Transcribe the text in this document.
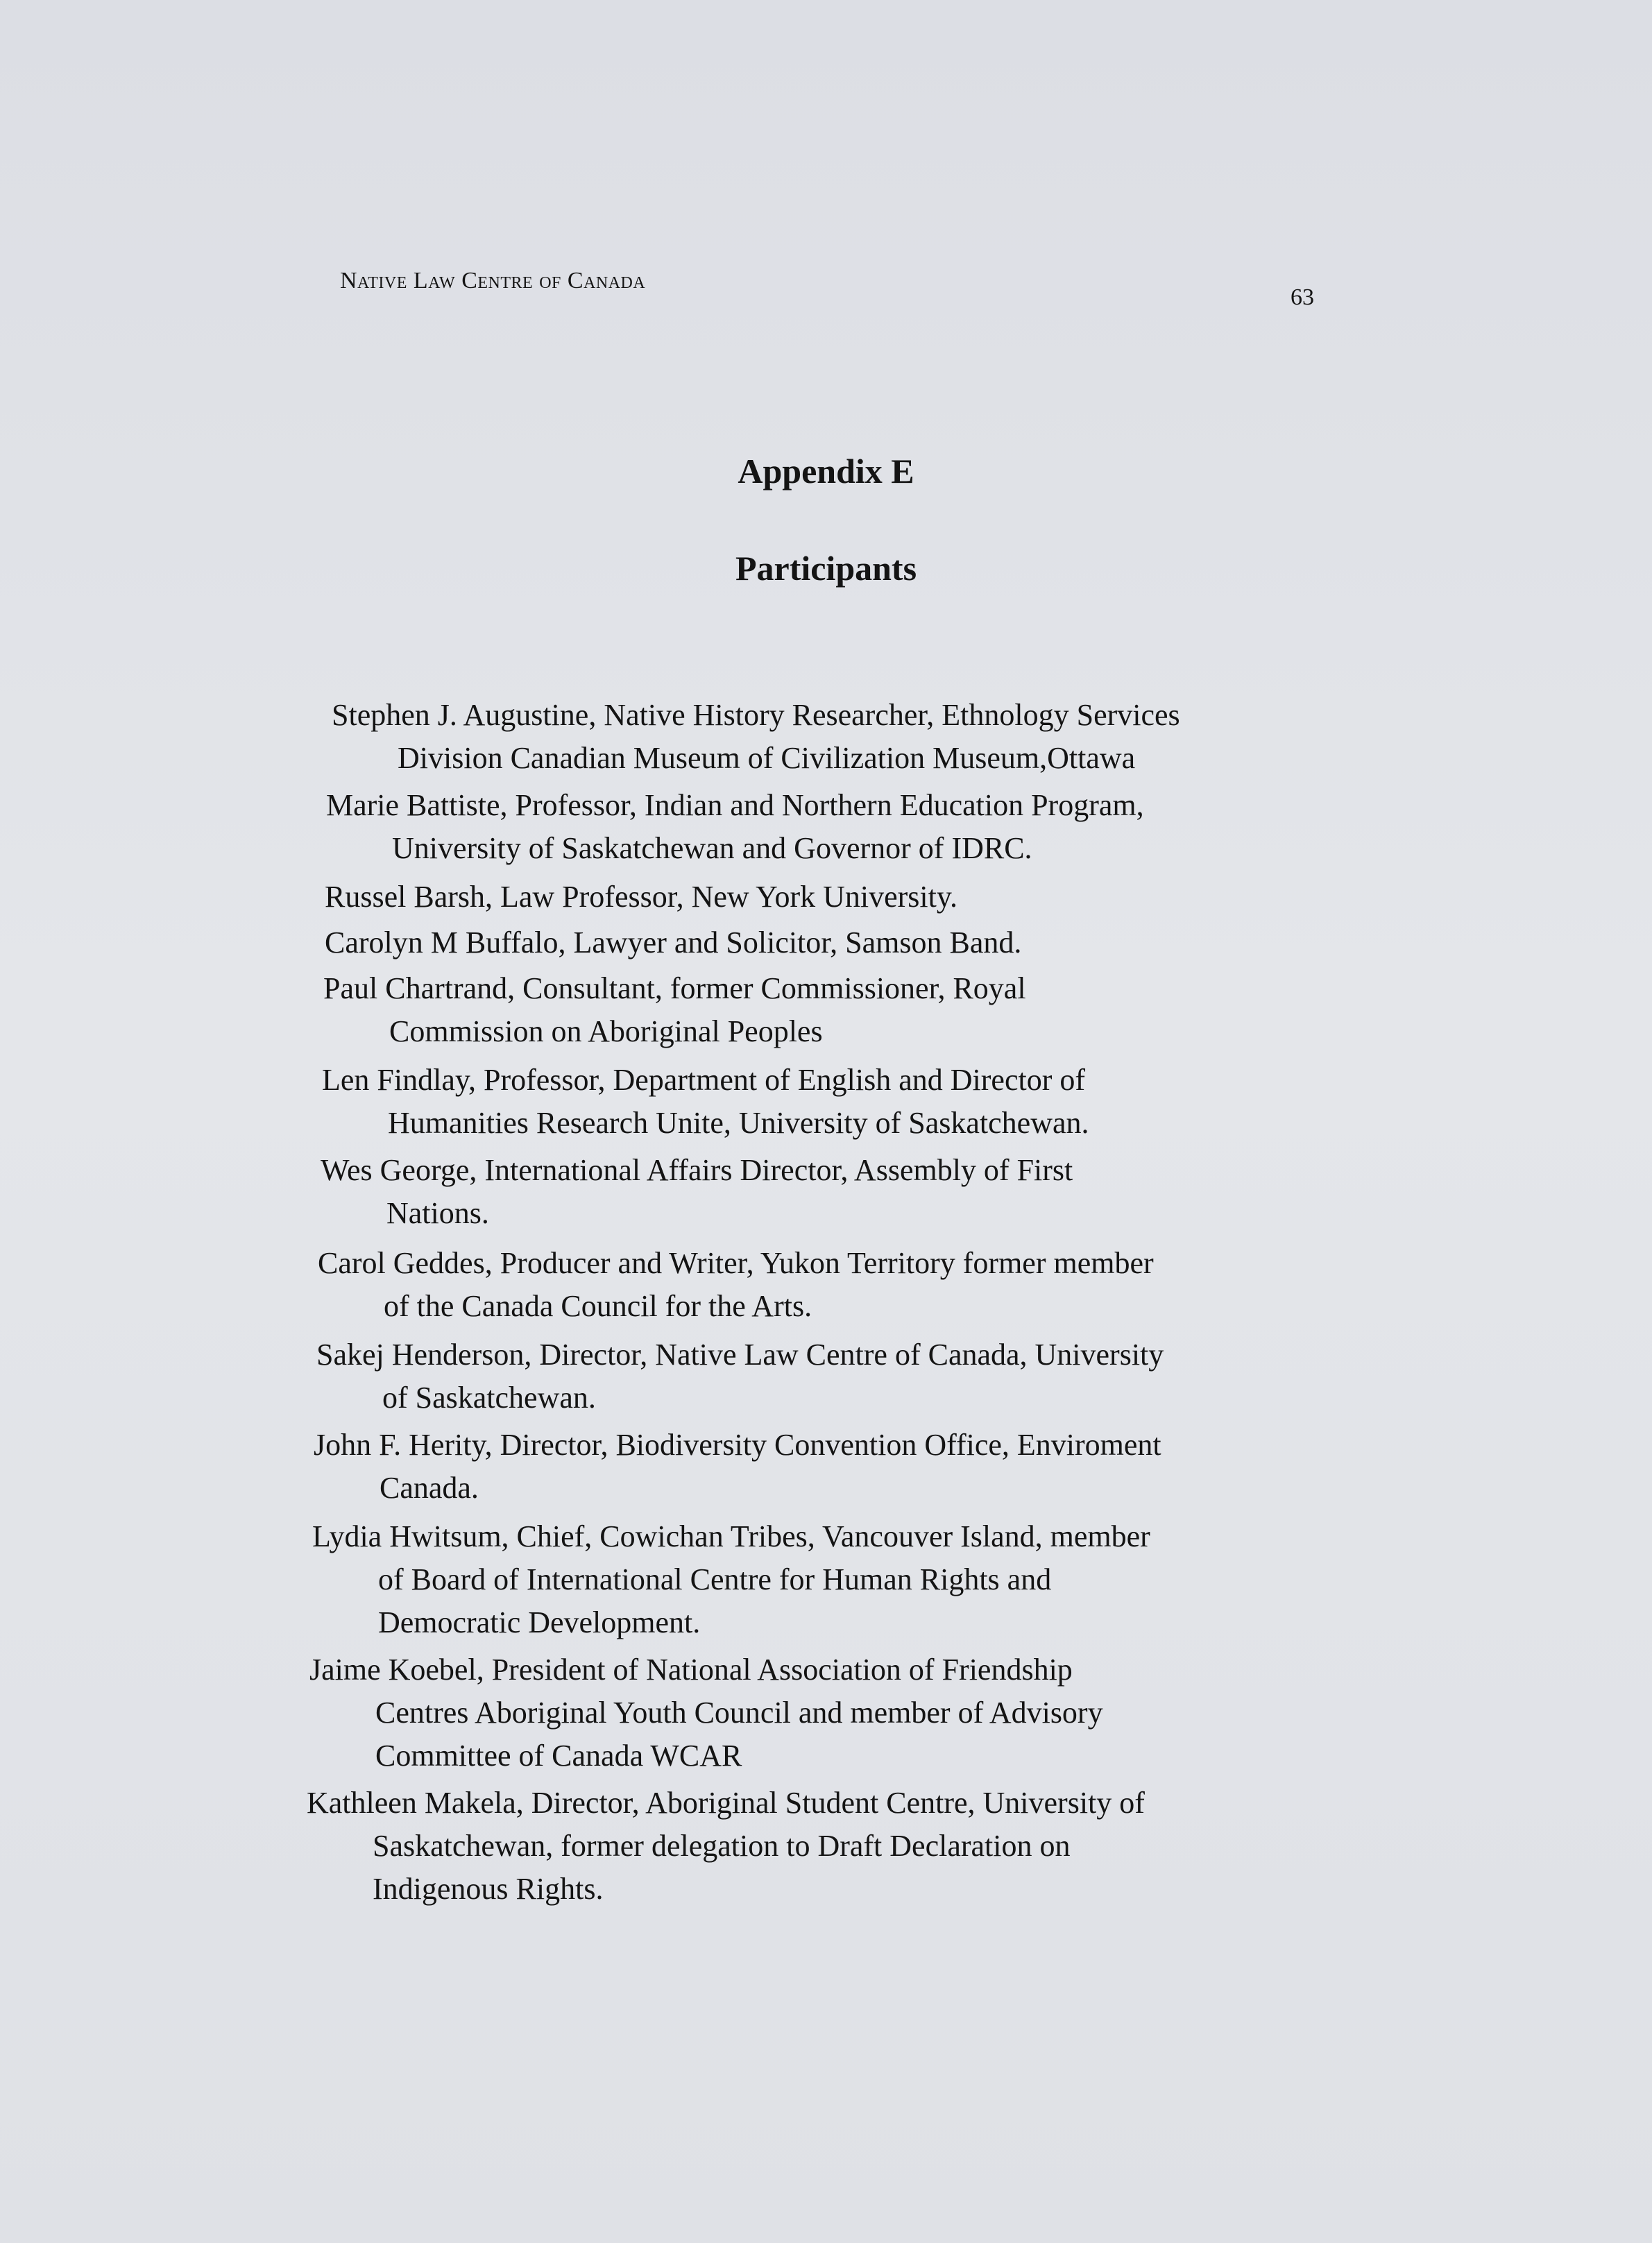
Native Law Centre of Canada
63
Appendix E
Participants
Stephen J. Augustine, Native History Researcher, Ethnology Services
Division Canadian Museum of Civilization Museum,Ottawa
Marie Battiste, Professor, Indian and Northern Education Program,
University of Saskatchewan and Governor of IDRC.
Russel Barsh, Law Professor, New York University.
Carolyn M Buffalo, Lawyer and Solicitor, Samson Band.
Paul Chartrand, Consultant, former Commissioner, Royal
Commission on Aboriginal Peoples
Len Findlay, Professor, Department of English and Director of
Humanities Research Unite, University of Saskatchewan.
Wes George, International Affairs Director, Assembly of First
Nations.
Carol Geddes, Producer and Writer, Yukon Territory former member
of the Canada Council for the Arts.
Sakej Henderson, Director, Native Law Centre of Canada, University
of Saskatchewan.
John F. Herity, Director, Biodiversity Convention Office, Enviroment
Canada.
Lydia Hwitsum, Chief, Cowichan Tribes, Vancouver Island, member
of Board of International Centre for Human Rights and
Democratic Development.
Jaime Koebel, President of National Association of Friendship
Centres Aboriginal Youth Council and member of Advisory
Committee of Canada WCAR
Kathleen Makela, Director, Aboriginal Student Centre, University of
Saskatchewan, former delegation to Draft Declaration on
Indigenous Rights.
